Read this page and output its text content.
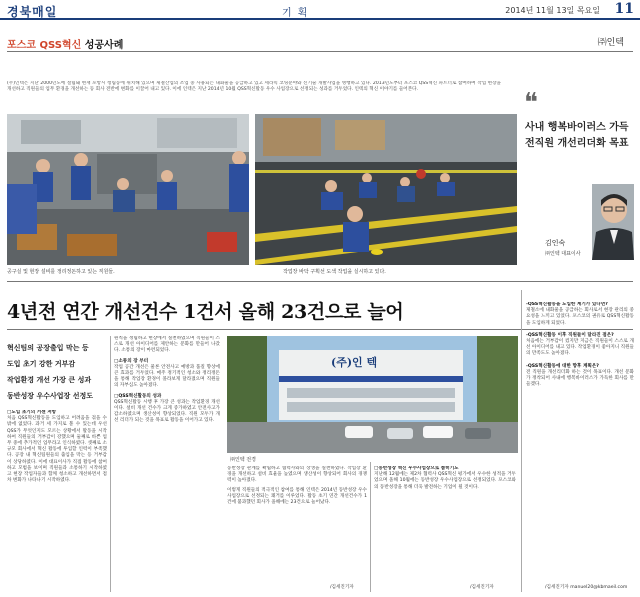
경북매일	기획	2014년 11월 13일 목요일 11
포스코 QSS혁신 성공사례	㈜인텍
(주)인텍은 지난 2000년도에 설립돼 현재 포항시 청림동에 위치해 있으며 제철산업의 조업 중 사용되는 내화물을 공급하고 있고 세라믹 코팅분야와 신기술 개발사업을 병행하고 있다. 2013년도부터 포스코 QSS혁신 파트너로 참여하여 작업 현장을 개선하고 직원들의 업무 환경을 개선하는 등 회사 전반에 변화를 이끌어 내고 있다. 이에 인텍은 지난 2014년 10월 QSS혁신활동 우수 사업장으로 선정되는 성과를 거두었다. 인텍의 혁신 이야기를 들어본다.
공구실 및 현장 설비를 정리정돈하고 있는 직원들.	작업장 바닥 구획선 도색 작업을 실시하고 있다.
❝
사내 행복바이러스 가득
전직원 개선리더화 목표
김인숙
㈜인텍 대표이사
4년전 연간 개선건수 1건서 올해 23건으로 늘어
혁신팀의 공장출입 막는 등
도입 초기 강한 거부감
작업환경 개선 가장 큰 성과
동반성장 우수사업장 선정도
□도입 초기의 거센 저항
처음 QSS혁신활동을 도입하고 어려움을 겪을 수밖에 없었다. 과거 세 가지로 볼 수 있는데 우선 QSS가 무엇인지도 모르는 상황에서 활동을 시작하여 직원들의 거부감이 강했으며 둘째로 바쁜 업무 중에 추가적인 업무라고 인식하였다. 셋째로 소규모 회사에서 혁신 활동에 투입할 인력이 부족했다. 공장 내 혁신팀원들의 출입을 막는 등 거부감이 상당하였다. 이에 대표이사가 직접 활동에 참여하고 모범을 보이며 직원들과 소통하기 시작하였고 현장 작업자들과 함께 청소하고 개선하면서 점차 변화가 나타나기 시작하였다.
원칙을 정립하고 현장에서 실천하였으며 직원들이 스스로 개선 아이디어를 제안하는 문화를 만들어 나갔다. 소통의 장이 마련되었다.
□소통의 장 부터
작업 공간 개선은 물론 안전사고 예방과 품질 향상에 큰 효과를 거두었다. 매주 정기적인 청소와 정리정돈을 통해 작업장 환경이 몰라보게 달라졌으며 직원들의 자부심도 높아졌다.
□QSS혁신활동의 성과
QSS혁신활동 시행 후 가장 큰 성과는 작업환경 개선이다. 설비 개선 건수가 크게 증가하였고 안전사고가 감소하였으며 생산성이 향상되었다. 직원 모두가 개선 리더가 되는 것을 목표로 활동을 이어가고 있다.
(주)인 텍
㈜인텍 전경
동반성장 관계를 확립하고 협력사와의 상생을 실천하였다. 작업장 환경을 개선하고 설비 효율을 높였으며 생산성이 향상되어 회사의 경쟁력이 높아졌다.
이렇게 직원들의 적극적인 참여를 통해 인텍은 2014년 동반성장 우수사업장으로 선정되는 쾌거를 이루었다. 활동 초기 연간 개선건수가 1건에 불과했던 회사가 올해에는 23건으로 늘어났다.
/김세진기자
□동반성장 혁신 우수사업장으로 뽑히기도
지난해 12월에는 제2차 협력사 QSS혁신 평가에서 우수한 성적을 거두었으며 올해 10월에는 동반성장 우수사업장으로 선정되었다. 포스코와의 동반성장을 통해 더욱 발전하는 기업이 될 것이다.
/김세진기자
-QSS혁신활동을 도입한 계기가 있다면?
제철소에 내화물을 공급하는 회사로서 현장 관리의 중요성을 느끼고 있었다. 포스코의 권유로 QSS혁신활동을 도입하게 되었다.
-QSS혁신활동 이후 직원들이 달라진 점은?
처음에는 거부감이 컸지만 지금은 직원들이 스스로 개선 아이디어를 내고 있다. 작업환경이 좋아지니 직원들의 만족도도 높아졌다.
-QSS혁신활동에 대한 향후 계획은?
전 직원을 개선리더화 하는 것이 목표이다. 개선 문화가 정착되어 사내에 행복바이러스가 가득한 회사를 만들겠다.
/김세진기자 manuel20@kbmaeil.com
